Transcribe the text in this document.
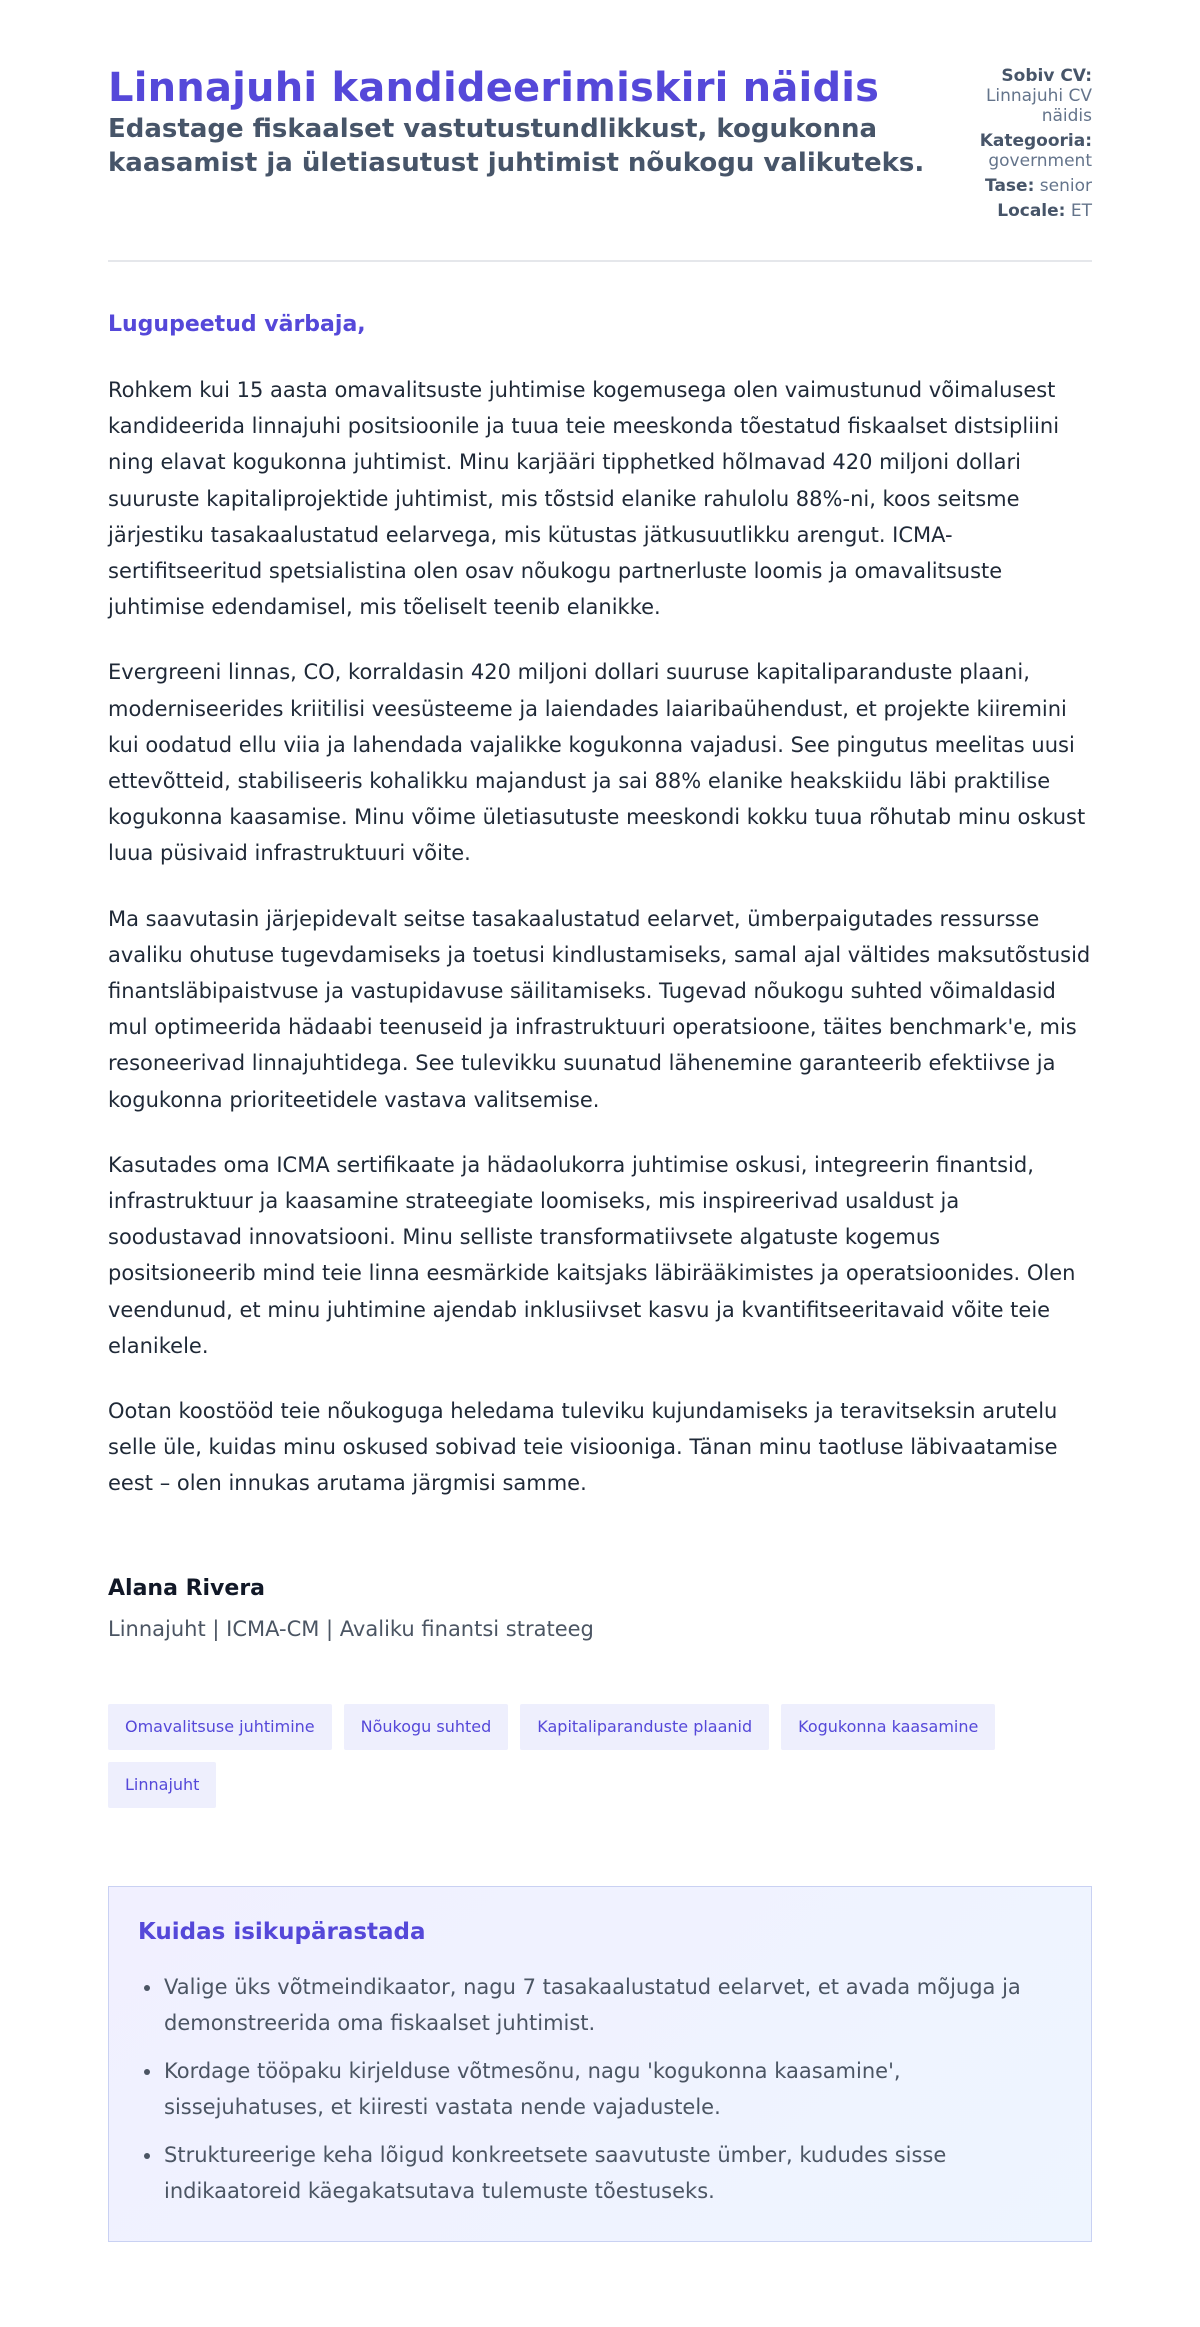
Linnajuhi kandideerimiskiri näidis

Edastage fiskaalset vastutustundlikkust, kogukonna kaasamist ja ületiasutust juhtimist nõukogu valikuteks.

Sobiv CV: Linnajuhi CV näidis
Kategooria: government
Tase: senior
Locale: ET
Lugupeetud värbaja,

Rohkem kui 15 aasta omavalitsuste juhtimise kogemusega olen vaimustunud võimalusest kandideerida linnajuhi positsioonile ja tuua teie meeskonda tõestatud fiskaalset distsipliini ning elavat kogukonna juhtimist. Minu karjääri tipphetked hõlmavad 420 miljoni dollari suuruste kapitaliprojektide juhtimist, mis tõstsid elanike rahulolu 88%-ni, koos seitsme järjestiku tasakaalustatud eelarvega, mis kütustas jätkusuutlikku arengut. ICMA-sertifitseeritud spetsialistina olen osav nõukogu partnerluste loomis ja omavalitsuste juhtimise edendamisel, mis tõeliselt teenib elanikke.

Evergreeni linnas, CO, korraldasin 420 miljoni dollari suuruse kapitaliparanduste plaani, moderniseerides kriitilisi veesüsteeme ja laiendades laiaribaühendust, et projekte kiiremini kui oodatud ellu viia ja lahendada vajalikke kogukonna vajadusi. See pingutus meelitas uusi ettevõtteid, stabiliseeris kohalikku majandust ja sai 88% elanike heakskiidu läbi praktilise kogukonna kaasamise. Minu võime ületiasutuste meeskondi kokku tuua rõhutab minu oskust luua püsivaid infrastruktuuri võite.

Ma saavutasin järjepidevalt seitse tasakaalustatud eelarvet, ümberpaigutades ressursse avaliku ohutuse tugevdamiseks ja toetusi kindlustamiseks, samal ajal vältides maksutõstusid finantsläbipaistvuse ja vastupidavuse säilitamiseks. Tugevad nõukogu suhted võimaldasid mul optimeerida hädaabi teenuseid ja infrastruktuuri operatsioone, täites benchmark'e, mis resoneerivad linnajuhtidega. See tulevikku suunatud lähenemine garanteerib efektiivse ja kogukonna prioriteetidele vastava valitsemise.

Kasutades oma ICMA sertifikaate ja hädaolukorra juhtimise oskusi, integreerin finantsid, infrastruktuur ja kaasamine strateegiate loomiseks, mis inspireerivad usaldust ja soodustavad innovatsiooni. Minu selliste transformatiivsete algatuste kogemus positsioneerib mind teie linna eesmärkide kaitsjaks läbirääkimistes ja operatsioonides. Olen veendunud, et minu juhtimine ajendab inklusiivset kasvu ja kvantifitseeritavaid võite teie elanikele.

Ootan koostööd teie nõukoguga heledama tuleviku kujundamiseks ja teravitseksin arutelu selle üle, kuidas minu oskused sobivad teie visiooniga. Tänan minu taotluse läbivaatamise eest – olen innukas arutama järgmisi samme.

Alana Rivera
Linnajuht | ICMA-CM | Avaliku finantsi strateeg
Omavalitsuse juhtimine	Nõukogu suhted	Kapitaliparanduste plaanid	Kogukonna kaasamine
Linnajuht
Kuidas isikupärastada
• Valige üks võtmeindikaator, nagu 7 tasakaalustatud eelarvet, et avada mõjuga ja demonstreerida oma fiskaalset juhtimist.
• Kordage tööpaku kirjelduse võtmesõnu, nagu 'kogukonna kaasamine', sissejuhatuses, et kiiresti vastata nende vajadustele.
• Struktureerige keha lõigud konkreetsete saavutuste ümber, kududes sisse indikaatoreid käegakatsutava tulemuste tõestuseks.
